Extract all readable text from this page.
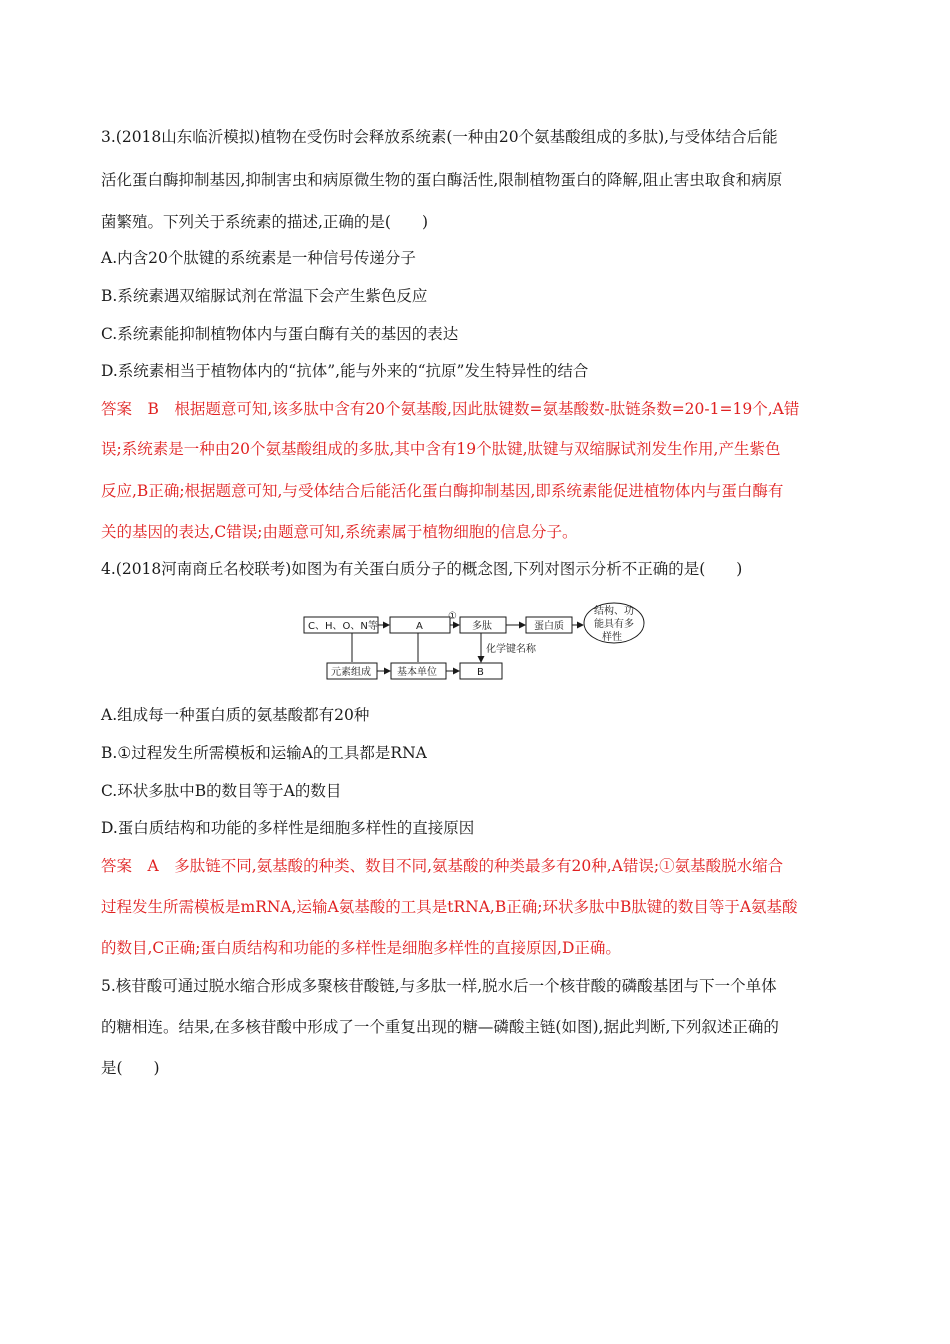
3.(2018山东临沂模拟)植物在受伤时会释放系统素(一种由20个氨基酸组成的多肽),与受体结合后能
活化蛋白酶抑制基因,抑制害虫和病原微生物的蛋白酶活性,限制植物蛋白的降解,阻止害虫取食和病原
菌繁殖。下列关于系统素的描述,正确的是(　　)
A.内含20个肽键的系统素是一种信号传递分子
B.系统素遇双缩脲试剂在常温下会产生紫色反应
C.系统素能抑制植物体内与蛋白酶有关的基因的表达
D.系统素相当于植物体内的“抗体”,能与外来的“抗原”发生特异性的结合
答案　B　根据题意可知,该多肽中含有20个氨基酸,因此肽键数=氨基酸数-肽链条数=20-1=19个,A错
误;系统素是一种由20个氨基酸组成的多肽,其中含有19个肽键,肽键与双缩脲试剂发生作用,产生紫色
反应,B正确;根据题意可知,与受体结合后能活化蛋白酶抑制基因,即系统素能促进植物体内与蛋白酶有
关的基因的表达,C错误;由题意可知,系统素属于植物细胞的信息分子。
4.(2018河南商丘名校联考)如图为有关蛋白质分子的概念图,下列对图示分析不正确的是(　　)
C、H、O、N等	A
①
多肽	蛋白质
结构、功
能具有多
样性
化学键名称
元素组成	基本单位	B
A.组成每一种蛋白质的氨基酸都有20种
B.①过程发生所需模板和运输A的工具都是RNA
C.环状多肽中B的数目等于A的数目
D.蛋白质结构和功能的多样性是细胞多样性的直接原因
答案　A　多肽链不同,氨基酸的种类、数目不同,氨基酸的种类最多有20种,A错误;①氨基酸脱水缩合
过程发生所需模板是mRNA,运输A氨基酸的工具是tRNA,B正确;环状多肽中B肽键的数目等于A氨基酸
的数目,C正确;蛋白质结构和功能的多样性是细胞多样性的直接原因,D正确。
5.核苷酸可通过脱水缩合形成多聚核苷酸链,与多肽一样,脱水后一个核苷酸的磷酸基团与下一个单体
的糖相连。结果,在多核苷酸中形成了一个重复出现的糖—磷酸主链(如图),据此判断,下列叙述正确的
是(　　)
